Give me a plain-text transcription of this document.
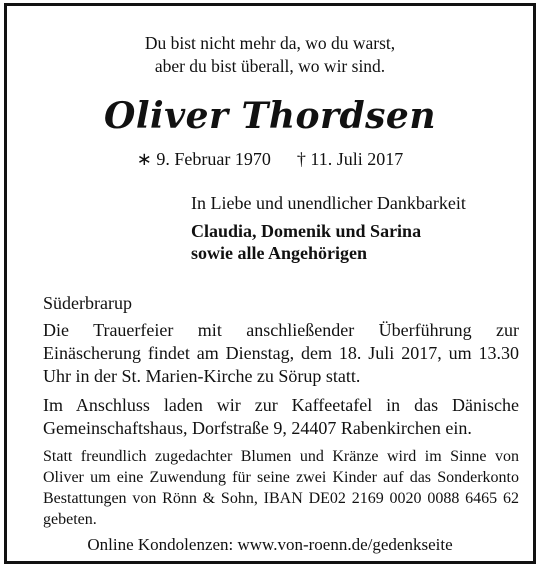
Du bist nicht mehr da, wo du warst,
aber du bist überall, wo wir sind.
Oliver Thordsen
∗ 9. Februar 1970 † 11. Juli 2017
In Liebe und unendlicher Dankbarkeit
Claudia, Domenik und Sarina
sowie alle Angehörigen

Süderbrarup

Die Trauerfeier mit anschließender Überführung zur Einäscherung findet am Dienstag, dem 18. Juli 2017, um 13.30 Uhr in der St. Marien-Kirche zu Sörup statt.

Im Anschluss laden wir zur Kaffeetafel in das Dänische Gemeinschaftshaus, Dorfstraße 9, 24407 Rabenkirchen ein.

Statt freundlich zugedachter Blumen und Kränze wird im Sinne von Oliver um eine Zuwendung für seine zwei Kinder auf das Sonderkonto Bestattungen von Rönn & Sohn, IBAN DE02 2169 0020 0088 6465 62 gebeten.

Online Kondolenzen: www.von-roenn.de/gedenkseite
